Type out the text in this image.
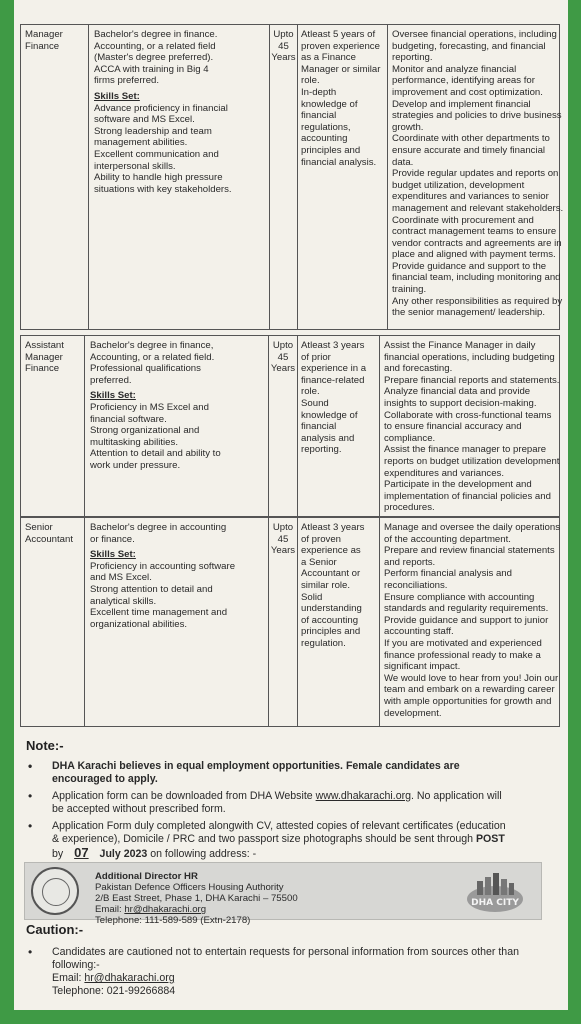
Manager
Finance
Bachelor's degree in finance.
Accounting, or a related field
(Master's degree preferred).
ACCA with training in Big 4
firms preferred.
Skills Set:
Advance proficiency in financial
software and MS Excel.
Strong leadership and team
management abilities.
Excellent communication and
interpersonal skills.
Ability to handle high pressure
situations with key stakeholders.
Upto
45
Years
Atleast 5 years of
proven experience
as a Finance
Manager or similar
role.
In-depth
knowledge of
financial
regulations,
accounting
principles and
financial analysis.
Oversee financial operations, including
budgeting, forecasting, and financial
reporting.
Monitor and analyze financial
performance, identifying areas for
improvement and cost optimization.
Develop and implement financial
strategies and policies to drive business
growth.
Coordinate with other departments to
ensure accurate and timely financial
data.
Provide regular updates and reports on
budget utilization, development
expenditures and variances to senior
management and relevant stakeholders.
Coordinate with procurement and
contract management teams to ensure
vendor contracts and agreements are in
place and aligned with payment terms.
Provide guidance and support to the
financial team, including monitoring and
training.
Any other responsibilities as required by
the senior management/ leadership.
Assistant
Manager
Finance
Bachelor's degree in finance,
Accounting, or a related field.
Professional qualifications
preferred.
Skills Set:
Proficiency in MS Excel and
financial software.
Strong organizational and
multitasking abilities.
Attention to detail and ability to
work under pressure.
Upto
45
Years
Atleast 3 years
of prior
experience in a
finance-related
role.
Sound
knowledge of
financial
analysis and
reporting.
Assist the Finance Manager in daily
financial operations, including budgeting
and forecasting.
Prepare financial reports and statements.
Analyze financial data and provide
insights to support decision-making.
Collaborate with cross-functional teams
to ensure financial accuracy and
compliance.
Assist the finance manager to prepare
reports on budget utilization development
expenditures and variances.
Participate in the development and
implementation of financial policies and
procedures.
Senior
Accountant
Bachelor's degree in accounting
or finance.
Skills Set:
Proficiency in accounting software
and MS Excel.
Strong attention to detail and
analytical skills.
Excellent time management and
organizational abilities.
Upto
45
Years
Atleast 3 years
of proven
experience as
a Senior
Accountant or
similar role.
Solid
understanding
of accounting
principles and
regulation.
Manage and oversee the daily operations
of the accounting department.
Prepare and review financial statements
and reports.
Perform financial analysis and
reconciliations.
Ensure compliance with accounting
standards and regularity requirements.
Provide guidance and support to junior
accounting staff.
If you are motivated and experienced
finance professional ready to make a
significant impact.
We would love to hear from you! Join our
team and embark on a rewarding career
with ample opportunities for growth and
development.
Note:-
• DHA Karachi believes in equal employment opportunities. Female candidates are
encouraged to apply.
• Application form can be downloaded from DHA Website www.dhakarachi.org. No application will
be accepted without prescribed form.
• Application Form duly completed alongwith CV, attested copies of relevant certificates (education
& experience), Domicile / PRC and two passport size photographs should be sent through POST
by 07 July 2023 on following address: -
Additional Director HR
Pakistan Defence Officers Housing Authority
2/B East Street, Phase 1, DHA Karachi – 75500
Email: hr@dhakarachi.org
Telephone: 111-589-589 (Extn-2178)
DHA CITY
Caution:-
• Candidates are cautioned not to entertain requests for personal information from sources other than
following:-
Email: hr@dhakarachi.org
Telephone: 021-99266884
